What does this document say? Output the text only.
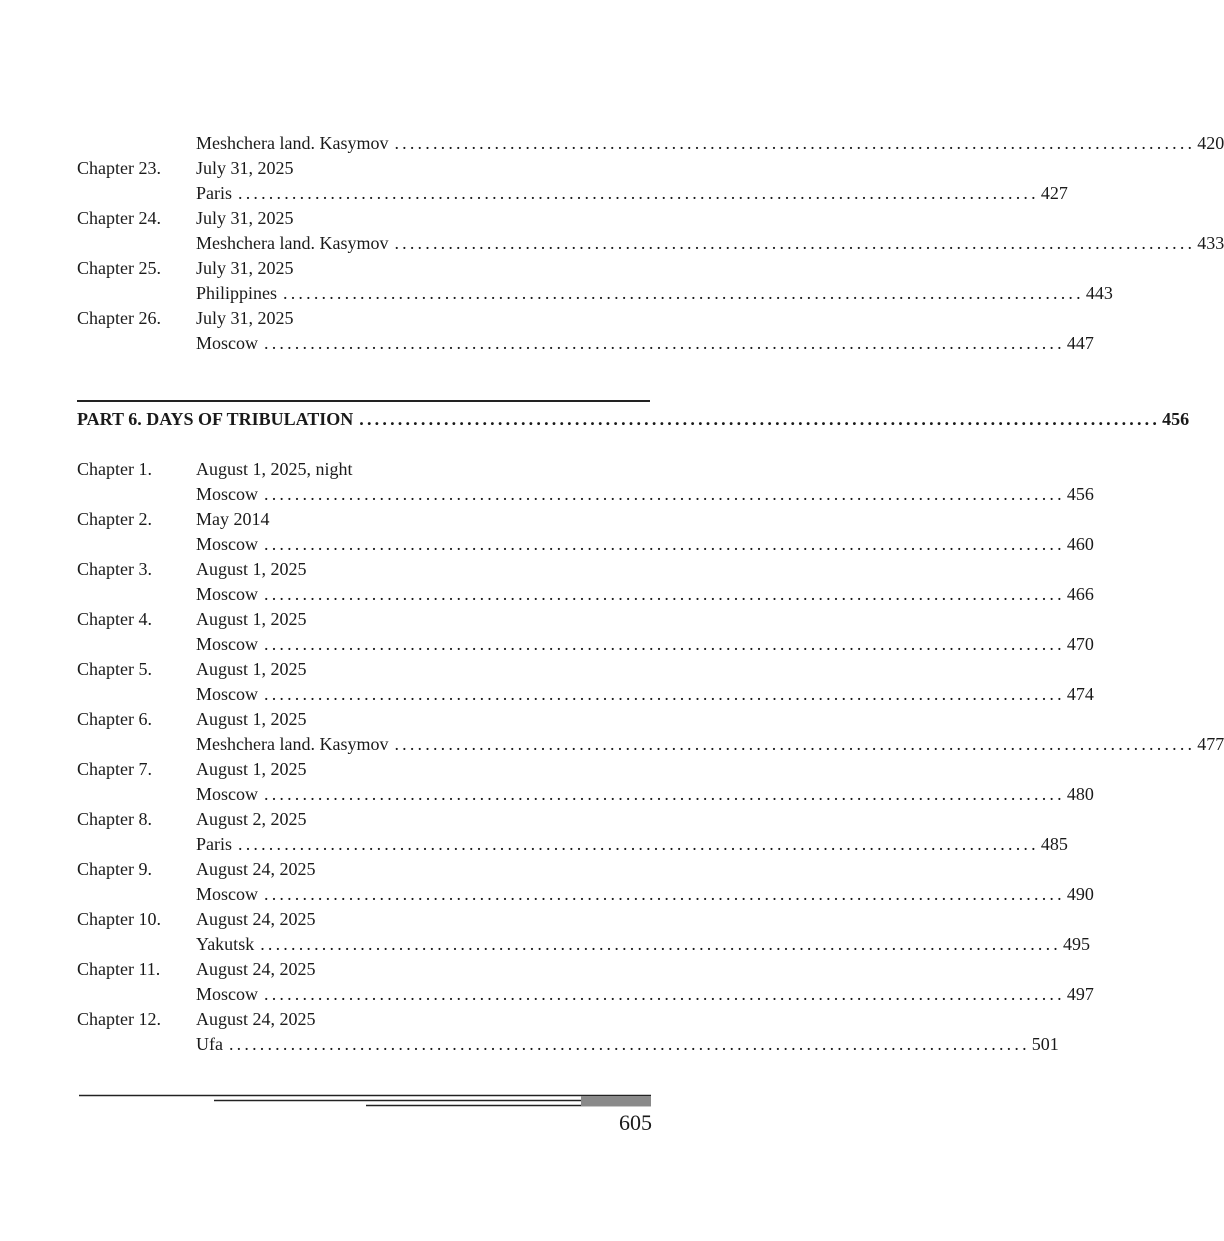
Meshchera land. Kasymov ........................................................................................................ 420
Chapter 23.	July 31, 2025
Paris ........................................................................................................ 427
Chapter 24.	July 31, 2025
Meshchera land. Kasymov ........................................................................................................ 433
Chapter 25.	July 31, 2025
Philippines ........................................................................................................ 443
Chapter 26.	July 31, 2025
Moscow ........................................................................................................ 447
PART 6. DAYS OF TRIBULATION ........................................................................................................ 456
Chapter 1.	August 1, 2025, night
Moscow ........................................................................................................ 456
Chapter 2.	May 2014
Moscow ........................................................................................................ 460
Chapter 3.	August 1, 2025
Moscow ........................................................................................................ 466
Chapter 4.	August 1, 2025
Moscow ........................................................................................................ 470
Chapter 5.	August 1, 2025
Moscow ........................................................................................................ 474
Chapter 6.	August 1, 2025
Meshchera land. Kasymov ........................................................................................................ 477
Chapter 7.	August 1, 2025
Moscow ........................................................................................................ 480
Chapter 8.	August 2, 2025
Paris ........................................................................................................ 485
Chapter 9.	August 24, 2025
Moscow ........................................................................................................ 490
Chapter 10.	August 24, 2025
Yakutsk ........................................................................................................ 495
Chapter 11.	August 24, 2025
Moscow ........................................................................................................ 497
Chapter 12.	August 24, 2025
Ufa ........................................................................................................ 501
605
